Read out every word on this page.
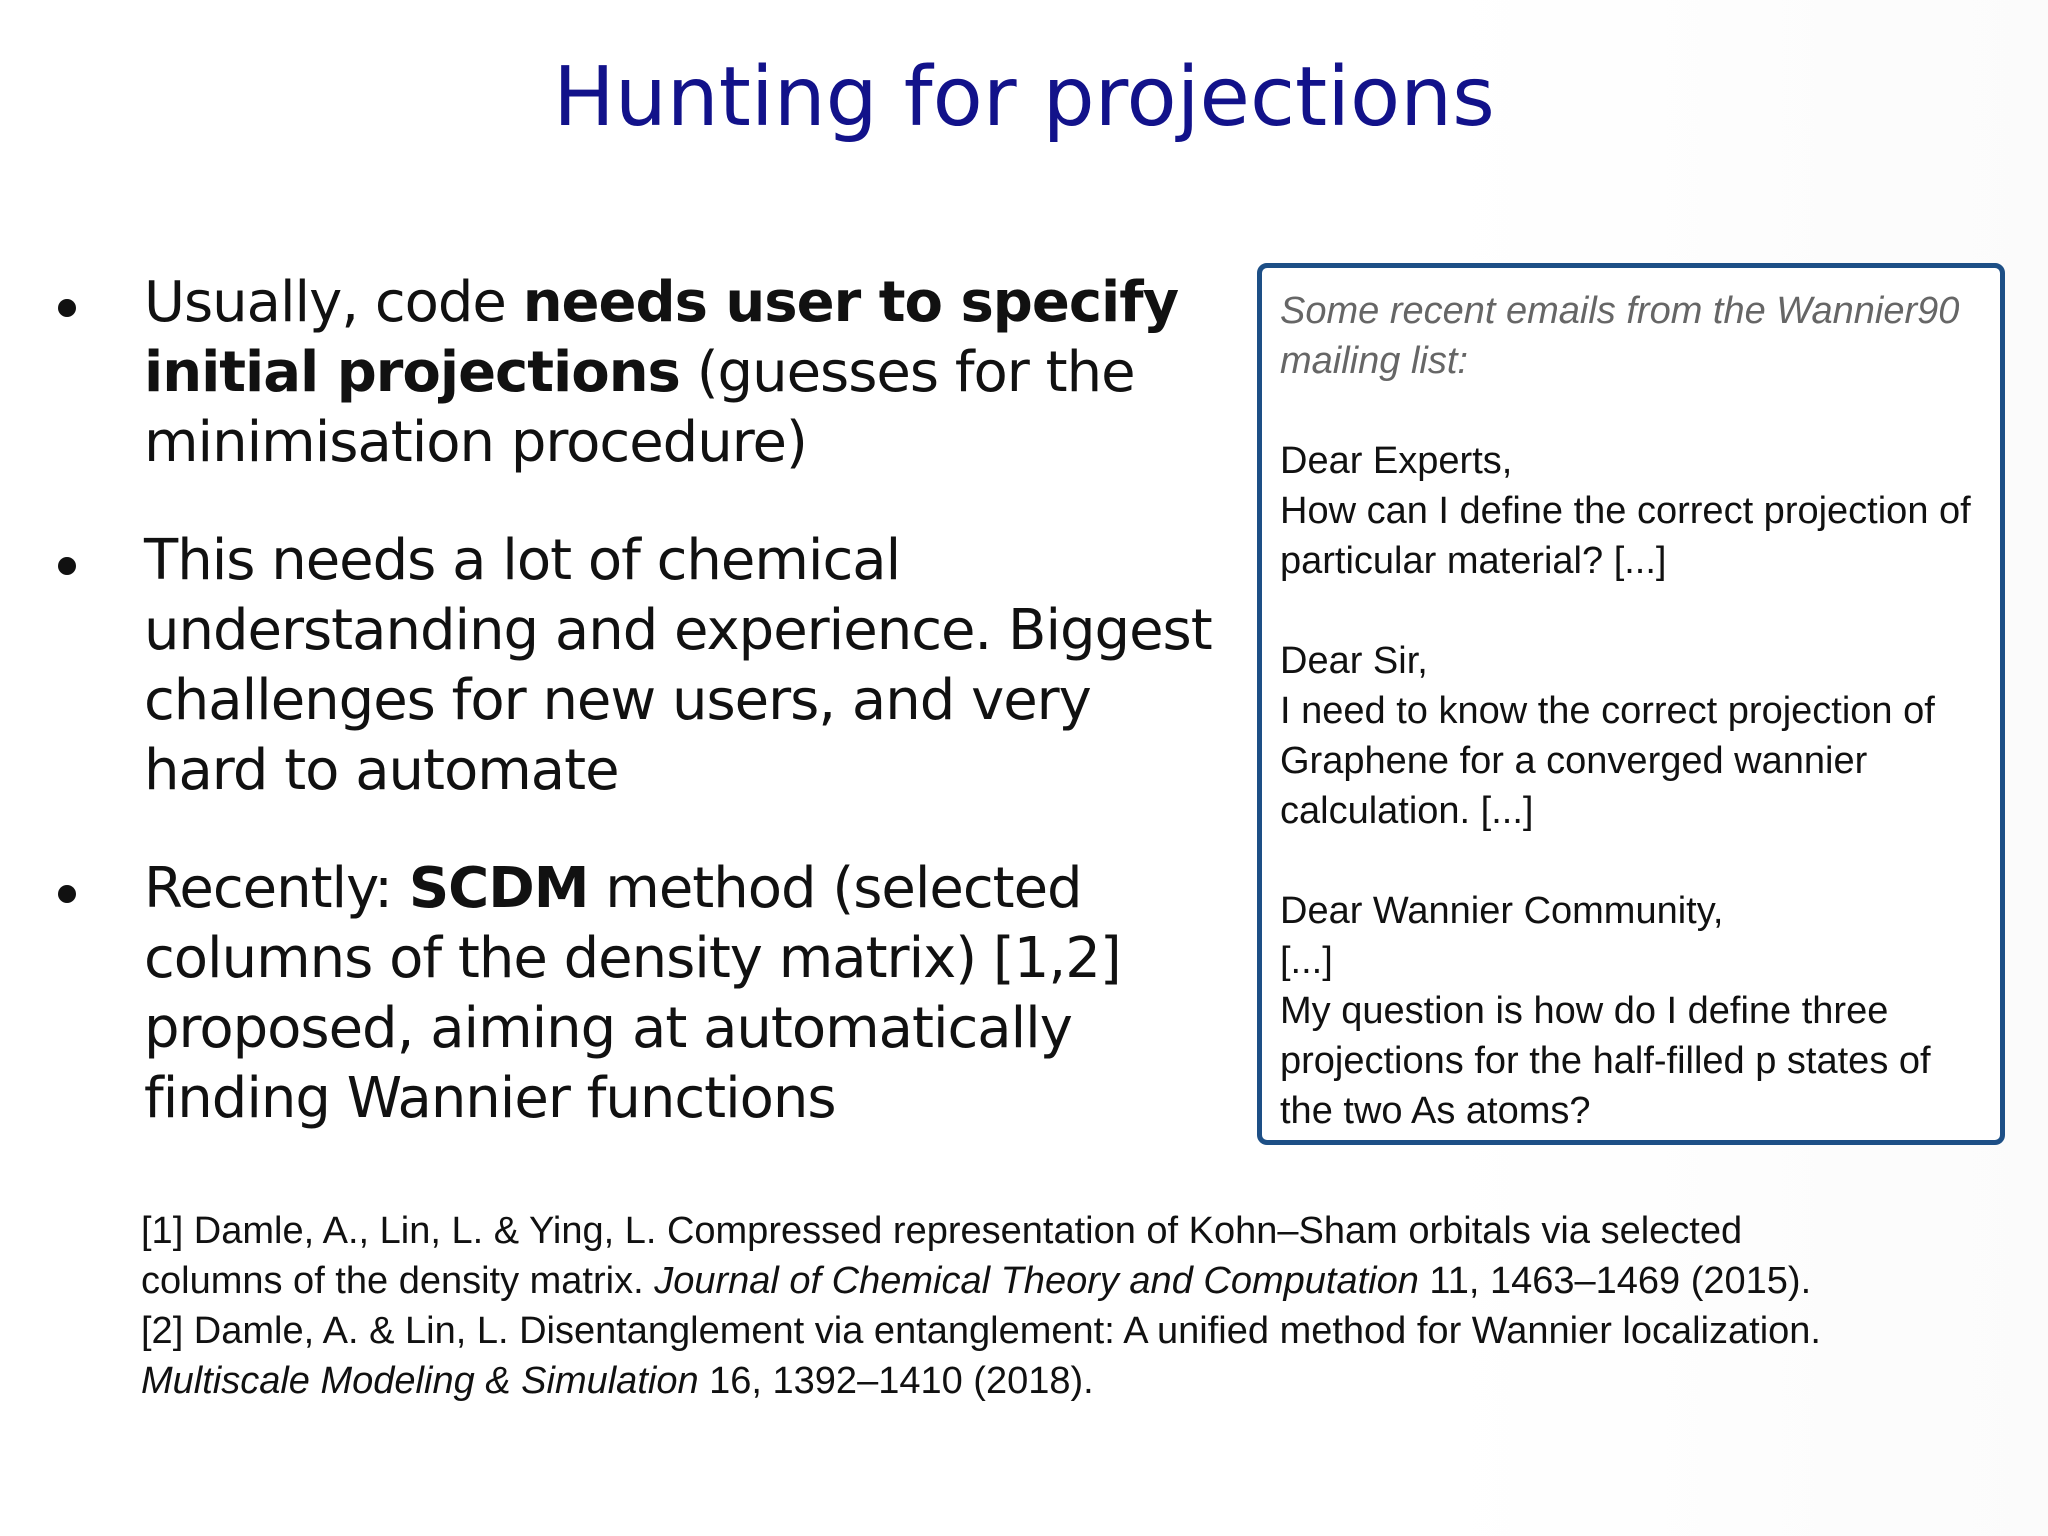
Hunting for projections
Usually, code needs user to specify initial projections (guesses for the minimisation procedure)
This needs a lot of chemical understanding and experience. Biggest challenges for new users, and very hard to automate
Recently: SCDM method (selected columns of the density matrix) [1,2] proposed, aiming at automatically finding Wannier functions

Some recent emails from the Wannier90 mailing list:

Dear Experts,
How can I define the correct projection of particular material? [...]

Dear Sir,
I need to know the correct projection of Graphene for a converged wannier calculation. [...]

Dear Wannier Community,
[...]
My question is how do I define three projections for the half-filled p states of the two As atoms?

[1] Damle, A., Lin, L. & Ying, L. Compressed representation of Kohn–Sham orbitals via selected columns of the density matrix. Journal of Chemical Theory and Computation 11, 1463–1469 (2015).

[2] Damle, A. & Lin, L. Disentanglement via entanglement: A unified method for Wannier localization. Multiscale Modeling & Simulation 16, 1392–1410 (2018).
